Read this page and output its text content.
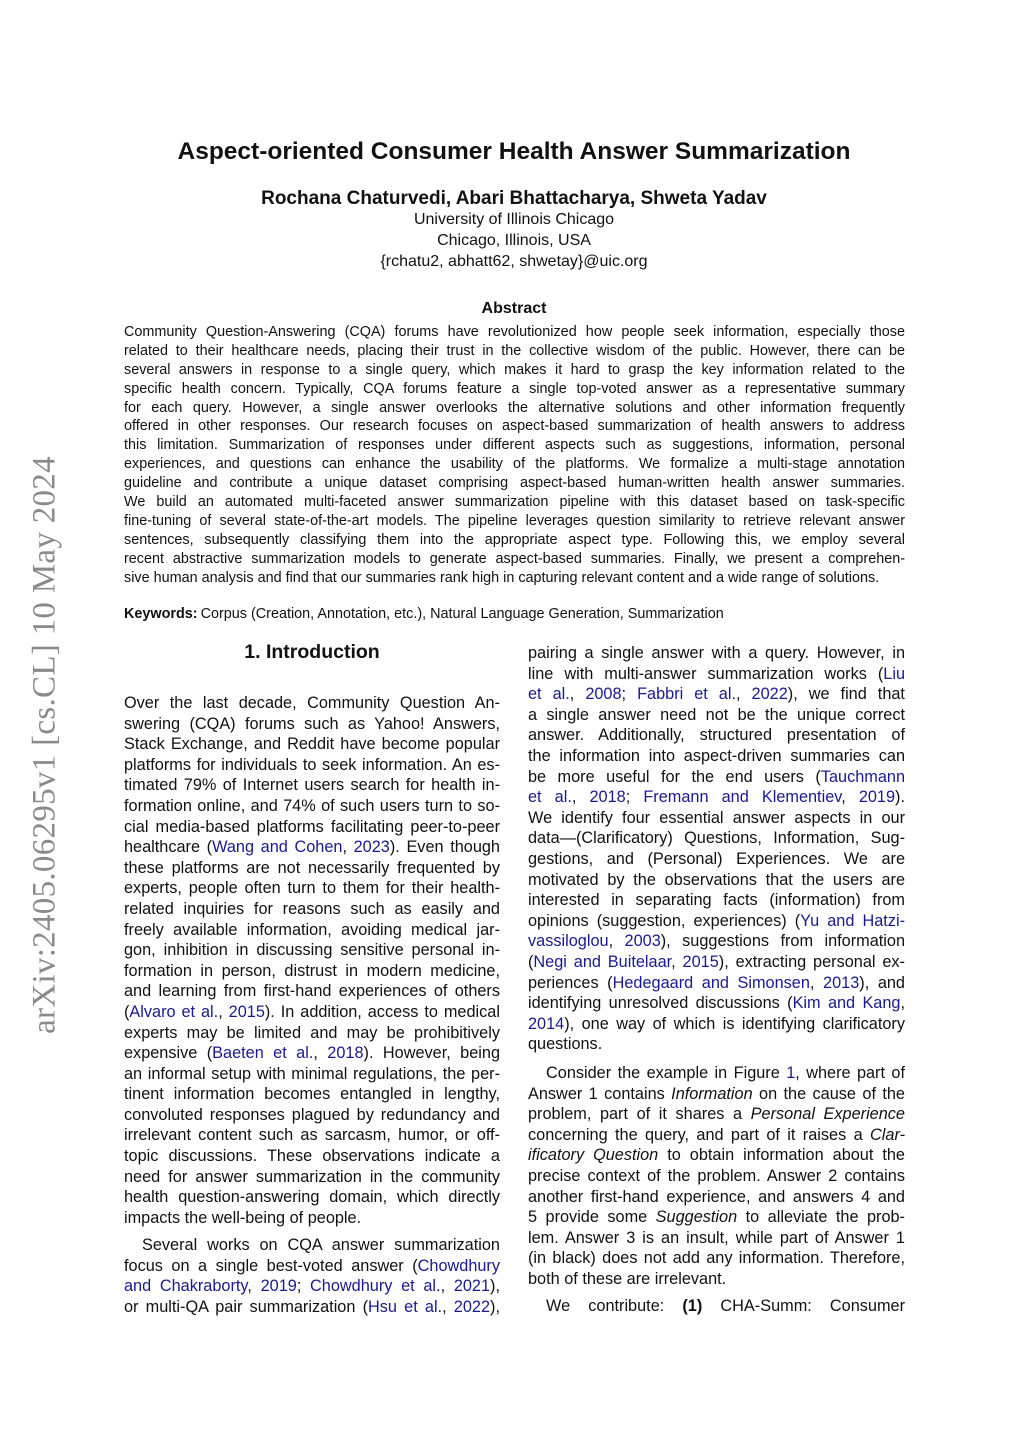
arXiv:2405.06295v1 [cs.CL] 10 May 2024
Aspect-oriented Consumer Health Answer Summarization
Rochana Chaturvedi, Abari Bhattacharya, Shweta Yadav
University of Illinois Chicago
Chicago, Illinois, USA
{rchatu2, abhatt62, shwetay}@uic.org
Abstract
Community Question-Answering (CQA) forums have revolutionized how people seek information, especially those
related to their healthcare needs, placing their trust in the collective wisdom of the public. However, there can be
several answers in response to a single query, which makes it hard to grasp the key information related to the
specific health concern. Typically, CQA forums feature a single top-voted answer as a representative summary
for each query. However, a single answer overlooks the alternative solutions and other information frequently
offered in other responses. Our research focuses on aspect-based summarization of health answers to address
this limitation. Summarization of responses under different aspects such as suggestions, information, personal
experiences, and questions can enhance the usability of the platforms. We formalize a multi-stage annotation
guideline and contribute a unique dataset comprising aspect-based human-written health answer summaries.
We build an automated multi-faceted answer summarization pipeline with this dataset based on task-specific
fine-tuning of several state-of-the-art models. The pipeline leverages question similarity to retrieve relevant answer
sentences, subsequently classifying them into the appropriate aspect type. Following this, we employ several
recent abstractive summarization models to generate aspect-based summaries. Finally, we present a comprehen-
sive human analysis and find that our summaries rank high in capturing relevant content and a wide range of solutions.
Keywords: Corpus (Creation, Annotation, etc.), Natural Language Generation, Summarization
1. Introduction
Over the last decade, Community Question An-
swering (CQA) forums such as Yahoo! Answers,
Stack Exchange, and Reddit have become popular
platforms for individuals to seek information. An es-
timated 79% of Internet users search for health in-
formation online, and 74% of such users turn to so-
cial media-based platforms facilitating peer-to-peer
healthcare (Wang and Cohen, 2023). Even though
these platforms are not necessarily frequented by
experts, people often turn to them for their health-
related inquiries for reasons such as easily and
freely available information, avoiding medical jar-
gon, inhibition in discussing sensitive personal in-
formation in person, distrust in modern medicine,
and learning from first-hand experiences of others
(Alvaro et al., 2015). In addition, access to medical
experts may be limited and may be prohibitively
expensive (Baeten et al., 2018). However, being
an informal setup with minimal regulations, the per-
tinent information becomes entangled in lengthy,
convoluted responses plagued by redundancy and
irrelevant content such as sarcasm, humor, or off-
topic discussions. These observations indicate a
need for answer summarization in the community
health question-answering domain, which directly
impacts the well-being of people.
Several works on CQA answer summarization
focus on a single best-voted answer (Chowdhury
and Chakraborty, 2019; Chowdhury et al., 2021),
or multi-QA pair summarization (Hsu et al., 2022),
pairing a single answer with a query. However, in
line with multi-answer summarization works (Liu
et al., 2008; Fabbri et al., 2022), we find that
a single answer need not be the unique correct
answer. Additionally, structured presentation of
the information into aspect-driven summaries can
be more useful for the end users (Tauchmann
et al., 2018; Fremann and Klementiev, 2019).
We identify four essential answer aspects in our
data—(Clarificatory) Questions, Information, Sug-
gestions, and (Personal) Experiences. We are
motivated by the observations that the users are
interested in separating facts (information) from
opinions (suggestion, experiences) (Yu and Hatzi-
vassiloglou, 2003), suggestions from information
(Negi and Buitelaar, 2015), extracting personal ex-
periences (Hedegaard and Simonsen, 2013), and
identifying unresolved discussions (Kim and Kang,
2014), one way of which is identifying clarificatory
questions.
Consider the example in Figure 1, where part of
Answer 1 contains Information on the cause of the
problem, part of it shares a Personal Experience
concerning the query, and part of it raises a Clar-
ificatory Question to obtain information about the
precise context of the problem. Answer 2 contains
another first-hand experience, and answers 4 and
5 provide some Suggestion to alleviate the prob-
lem. Answer 3 is an insult, while part of Answer 1
(in black) does not add any information. Therefore,
both of these are irrelevant.
We contribute: (1) CHA-Summ: Consumer
